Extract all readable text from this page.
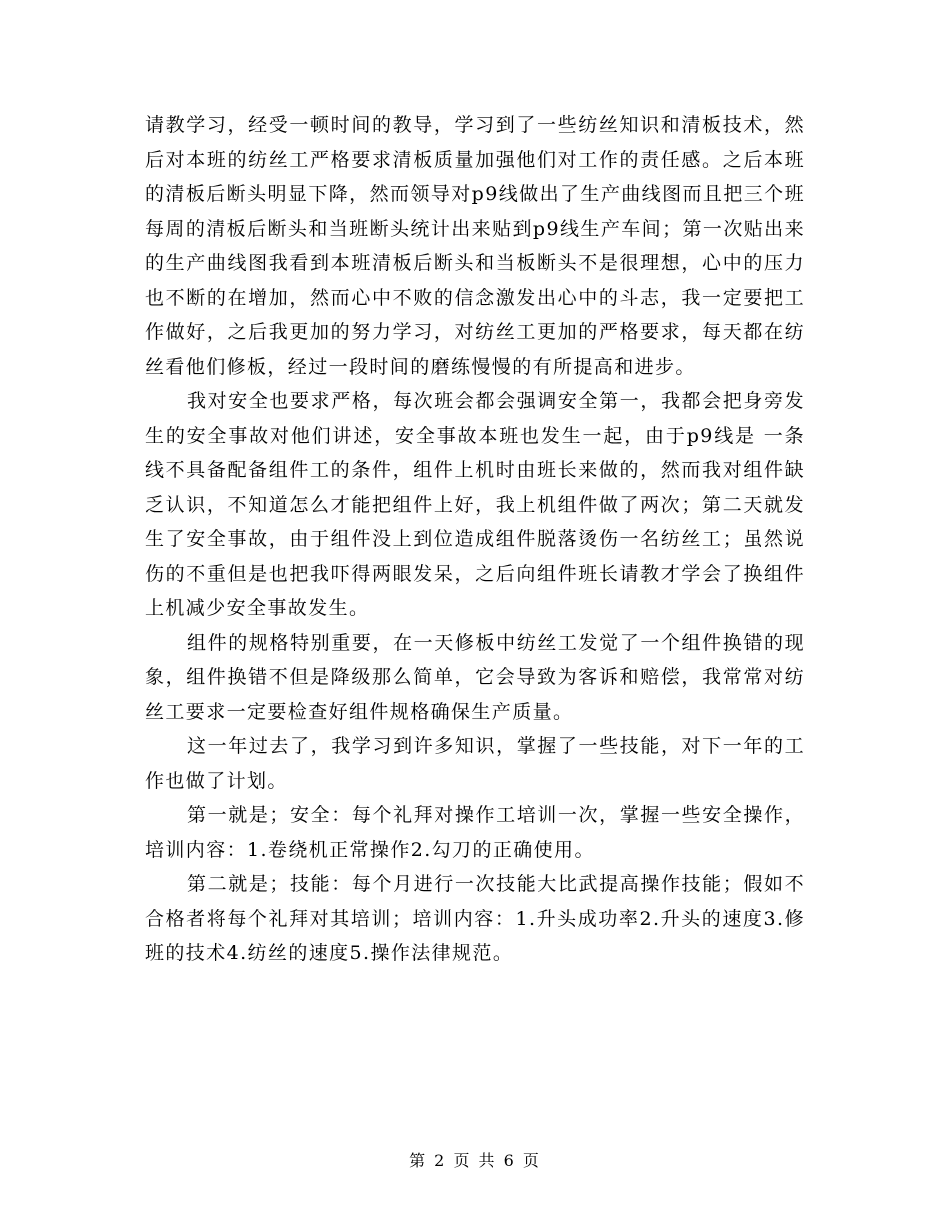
请教学习，经受一顿时间的教导，学习到了一些纺丝知识和清板技术，然后对本班的纺丝工严格要求清板质量加强他们对工作的责任感。之后本班的清板后断头明显下降，然而领导对p9线做出了生产曲线图而且把三个班每周的清板后断头和当班断头统计出来贴到p9线生产车间；第一次贴出来的生产曲线图我看到本班清板后断头和当板断头不是很理想，心中的压力也不断的在增加，然而心中不败的信念激发出心中的斗志，我一定要把工作做好，之后我更加的努力学习，对纺丝工更加的严格要求，每天都在纺丝看他们修板，经过一段时间的磨练慢慢的有所提高和进步。

我对安全也要求严格，每次班会都会强调安全第一，我都会把身旁发生的安全事故对他们讲述，安全事故本班也发生一起，由于p9线是 一条线不具备配备组件工的条件，组件上机时由班长来做的，然而我对组件缺乏认识，不知道怎么才能把组件上好，我上机组件做了两次；第二天就发生了安全事故，由于组件没上到位造成组件脱落烫伤一名纺丝工；虽然说伤的不重但是也把我吓得两眼发呆，之后向组件班长请教才学会了换组件上机减少安全事故发生。

组件的规格特别重要，在一天修板中纺丝工发觉了一个组件换错的现象，组件换错不但是降级那么简单，它会导致为客诉和赔偿，我常常对纺丝工要求一定要检查好组件规格确保生产质量。

这一年过去了，我学习到许多知识，掌握了一些技能，对下一年的工作也做了计划。

第一就是；安全：每个礼拜对操作工培训一次，掌握一些安全操作，培训内容：1.卷绕机正常操作2.勾刀的正确使用。

第二就是；技能：每个月进行一次技能大比武提高操作技能；假如不合格者将每个礼拜对其培训；培训内容：1.升头成功率2.升头的速度3.修班的技术4.纺丝的速度5.操作法律规范。

第 2 页 共 6 页
